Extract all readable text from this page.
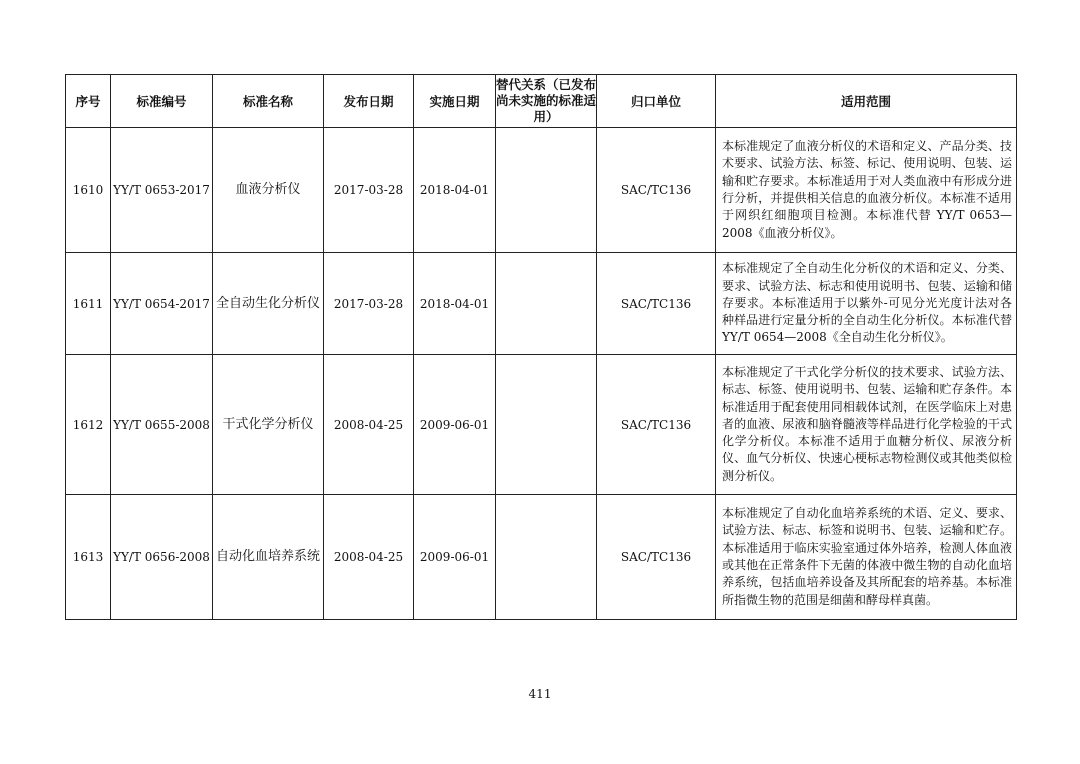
序号	标准编号	标准名称	发布日期	实施日期	替代关系（已发布尚未实施的标准适用）	归口单位	适用范围
1610	YY/T 0653-2017	血液分析仪	2017-03-28	2018-04-01		SAC/TC136	本标准规定了血液分析仪的术语和定义、产品分类、技术要求、试验方法、标签、标记、使用说明、包装、运输和贮存要求。本标准适用于对人类血液中有形成分进行分析，并提供相关信息的血液分析仪。本标准不适用于网织红细胞项目检测。本标准代替 YY/T 0653—2008《血液分析仪》。
1611	YY/T 0654-2017	全自动生化分析仪	2017-03-28	2018-04-01		SAC/TC136	本标准规定了全自动生化分析仪的术语和定义、分类、要求、试验方法、标志和使用说明书、包装、运输和储存要求。本标准适用于以紫外-可见分光光度计法对各种样品进行定量分析的全自动生化分析仪。本标准代替 YY/T 0654—2008《全自动生化分析仪》。
1612	YY/T 0655-2008	干式化学分析仪	2008-04-25	2009-06-01		SAC/TC136	本标准规定了干式化学分析仪的技术要求、试验方法、标志、标签、使用说明书、包装、运输和贮存条件。本标准适用于配套使用同相载体试剂，在医学临床上对患者的血液、尿液和脑脊髓液等样品进行化学检验的干式化学分析仪。本标准不适用于血糖分析仪、尿液分析仪、血气分析仪、快速心梗标志物检测仪或其他类似检测分析仪。
1613	YY/T 0656-2008	自动化血培养系统	2008-04-25	2009-06-01		SAC/TC136	本标准规定了自动化血培养系统的术语、定义、要求、试验方法、标志、标签和说明书、包装、运输和贮存。本标准适用于临床实验室通过体外培养，检测人体血液或其他在正常条件下无菌的体液中微生物的自动化血培养系统，包括血培养设备及其所配套的培养基。本标准所指微生物的范围是细菌和酵母样真菌。
411
